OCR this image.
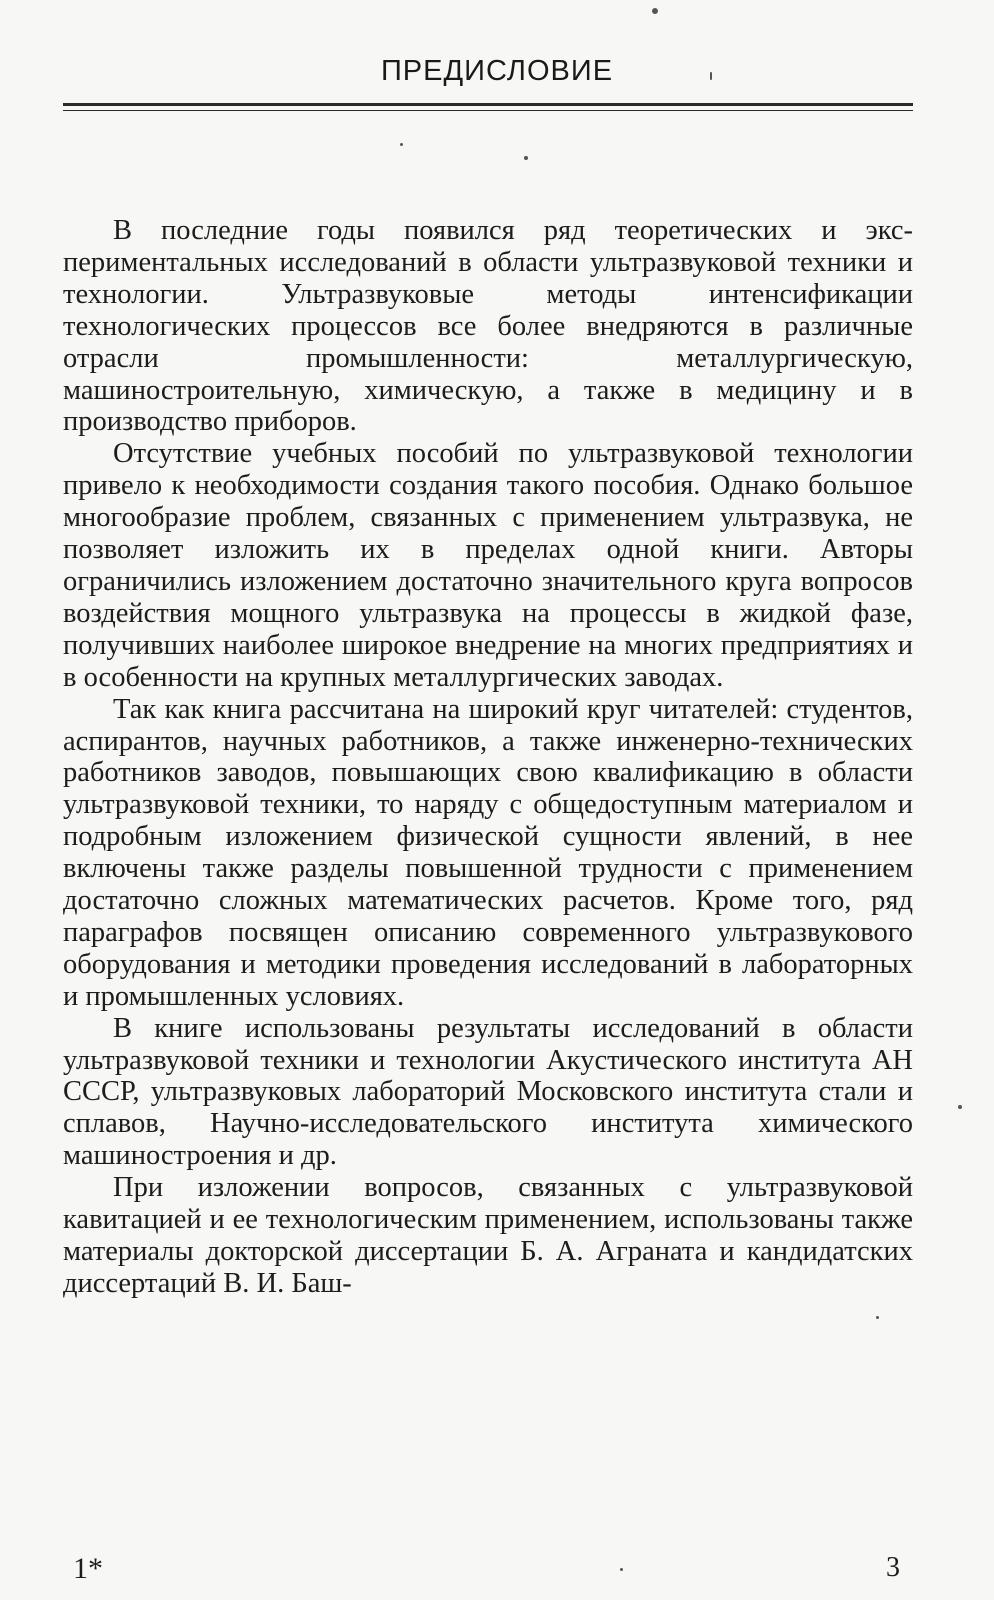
ПРЕДИСЛОВИЕ

В последние годы появился ряд теоретических и экспериментальных исследований в области ультразвуковой техники и технологии. Ультразвуковые методы интенсификации технологических процессов все более внедряются в различные отрасли промышленности: металлургическую, машиностроительную, химическую, а также в медицину и в производство приборов.

Отсутствие учебных пособий по ультразвуковой технологии привело к необходимости создания такого пособия. Однако большое многообразие проблем, связанных с применением ультразвука, не позволяет изложить их в пределах одной книги. Авторы ограничились изложением достаточно значительного круга вопросов воздействия мощного ультразвука на процессы в жидкой фазе, получивших наиболее широкое внедрение на многих предприятиях и в особенности на крупных металлургических заводах.

Так как книга рассчитана на широкий круг читателей: студентов, аспирантов, научных работников, а также инженерно-технических работников заводов, повышающих свою квалификацию в области ультразвуковой техники, то наряду с общедоступным материалом и подробным изложением физической сущности явлений, в нее включены также разделы повышенной трудности с применением достаточно сложных математических расчетов. Кроме того, ряд параграфов посвящен описанию современного ультразвукового оборудования и методики проведения исследований в лабораторных и промышленных условиях.

В книге использованы результаты исследований в области ультразвуковой техники и технологии Акустического института АН СССР, ультразвуковых лабораторий Московского института стали и сплавов, Научно-исследовательского института химического машиностроения и др.

При изложении вопросов, связанных с ультразвуковой кавитацией и ее технологическим применением, использованы также материалы докторской диссертации Б. А. Аграната и кандидатских диссертаций В. И. Баш-

1*	3
